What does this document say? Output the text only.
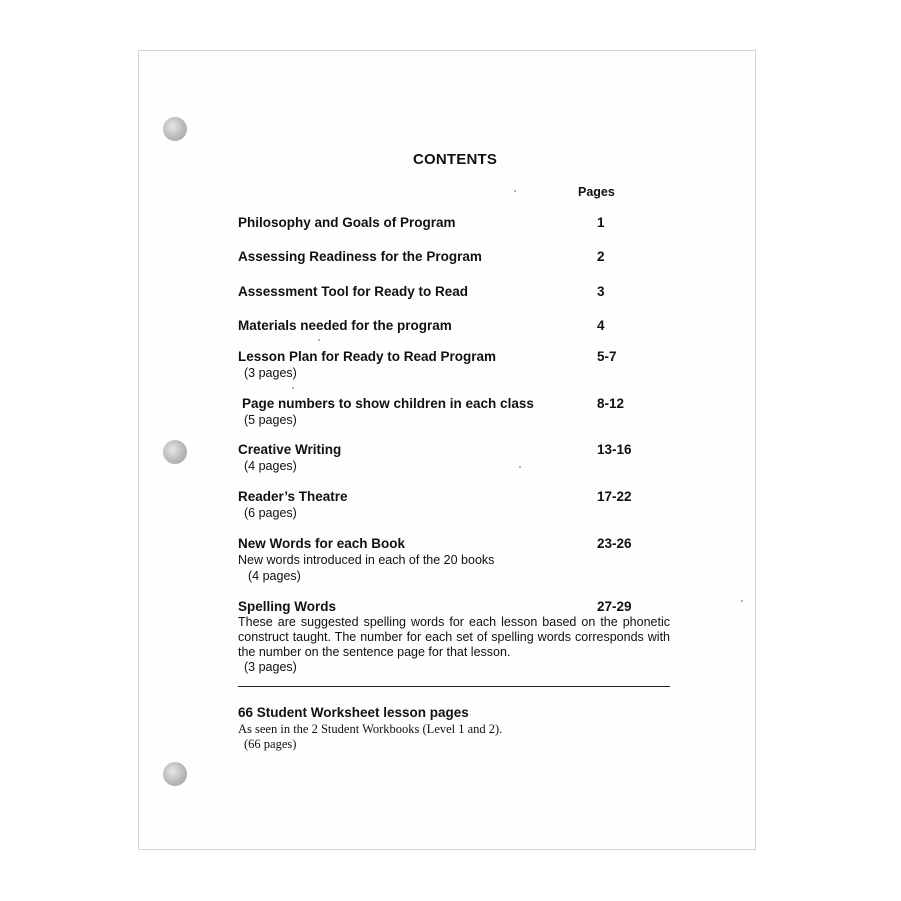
CONTENTS
Pages
Philosophy and Goals of Program	1
Assessing Readiness for the Program	2
Assessment Tool for Ready to Read	3
Materials needed for the program	4
Lesson Plan for Ready to Read Program	5-7
(3 pages)
Page numbers to show children in each class	8-12
(5 pages)
Creative Writing	13-16
(4 pages)
Reader’s Theatre	17-22
(6 pages)
New Words for each Book	23-26
New words introduced in each of the 20 books
(4 pages)
Spelling Words	27-29
These are suggested spelling words for each lesson based on the phonetic construct taught. The number for each set of spelling words corresponds with the number on the sentence page for that lesson.
(3 pages)
66 Student Worksheet lesson pages
As seen in the 2 Student Workbooks (Level 1 and 2).
(66 pages)
